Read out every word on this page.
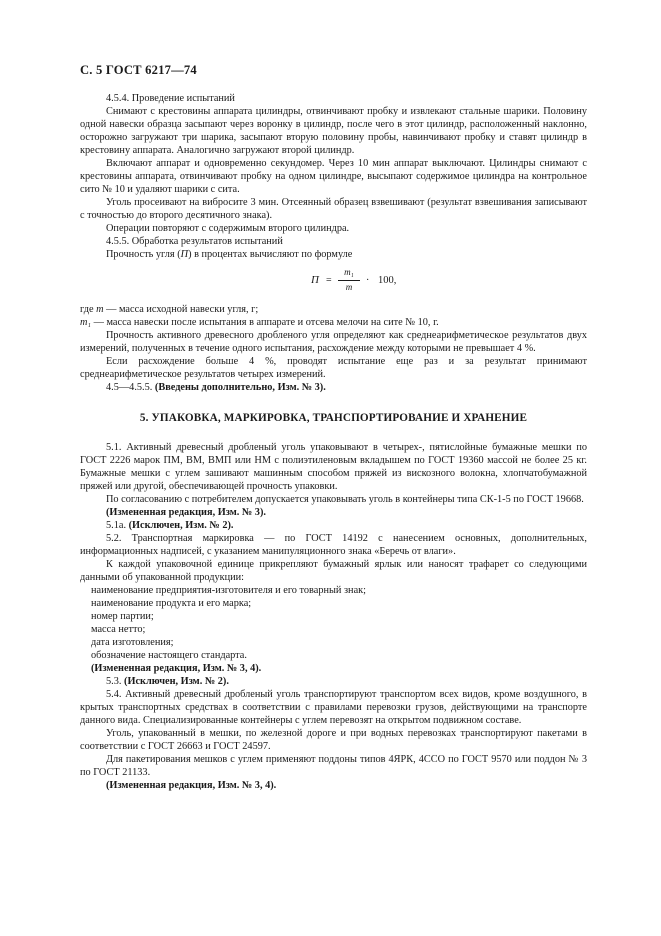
С. 5 ГОСТ 6217—74

4.5.4. Проведение испытаний

Снимают с крестовины аппарата цилиндры, отвинчивают пробку и извлекают стальные шарики. Половину одной навески образца засыпают через воронку в цилиндр, после чего в этот цилиндр, расположенный наклонно, осторожно загружают три шарика, засыпают вторую половину пробы, навинчивают пробку и ставят цилиндр в крестовину аппарата. Аналогично загружают второй цилиндр.

Включают аппарат и одновременно секундомер. Через 10 мин аппарат выключают. Цилиндры снимают с крестовины аппарата, отвинчивают пробку на одном цилиндре, высыпают содержимое цилиндра на контрольное сито № 10 и удаляют шарики с сита.

Уголь просеивают на вибросите 3 мин. Отсеянный образец взвешивают (результат взвешивания записывают с точностью до второго десятичного знака).

Операции повторяют с содержимым второго цилиндра.

4.5.5. Обработка результатов испытаний

Прочность угля (П) в процентах вычисляют по формуле

$П = \frac{\text{m₁}}{m} \cdot 100$,

где m — масса исходной навески угля, г;

m₁ — масса навески после испытания в аппарате и отсева мелочи на сите № 10, г.

Прочность активного древесного дробленого угля определяют как среднеарифметическое результатов двух измерений, полученных в течение одного испытания, расхождение между которыми не превышает 4 %.

Если расхождение больше 4 %, проводят испытание еще раз и за результат принимают среднеарифметическое результатов четырех измерений.

4.5—4.5.5. (Введены дополнительно, Изм. № 3).

5. УПАКОВКА, МАРКИРОВКА, ТРАНСПОРТИРОВАНИЕ И ХРАНЕНИЕ

5.1. Активный древесный дробленый уголь упаковывают в четырех-, пятислойные бумажные мешки по ГОСТ 2226 марок ПМ, ВМ, ВМП или НМ с полиэтиленовым вкладышем по ГОСТ 19360 массой не более 25 кг. Бумажные мешки с углем зашивают машинным способом пряжей из вискозного волокна, хлопчатобумажной пряжей или другой, обеспечивающей прочность упаковки.

По согласованию с потребителем допускается упаковывать уголь в контейнеры типа СК-1-5 по ГОСТ 19668.

(Измененная редакция, Изм. № 3).

5.1а. (Исключен, Изм. № 2).

5.2. Транспортная маркировка — по ГОСТ 14192 с нанесением основных, дополнительных, информационных надписей, с указанием манипуляционного знака «Беречь от влаги».

К каждой упаковочной единице прикрепляют бумажный ярлык или наносят трафарет со следующими данными об упакованной продукции:

наименование предприятия-изготовителя и его товарный знак;

наименование продукта и его марка;

номер партии;

масса нетто;

дата изготовления;

обозначение настоящего стандарта.

(Измененная редакция, Изм. № 3, 4).

5.3. (Исключен, Изм. № 2).

5.4. Активный древесный дробленый уголь транспортируют транспортом всех видов, кроме воздушного, в крытых транспортных средствах в соответствии с правилами перевозки грузов, действующими на транспорте данного вида. Специализированные контейнеры с углем перевозят на открытом подвижном составе.

Уголь, упакованный в мешки, по железной дороге и при водных перевозках транспортируют пакетами в соответствии с ГОСТ 26663 и ГОСТ 24597.

Для пакетирования мешков с углем применяют поддоны типов 4ЯРК, 4ССО по ГОСТ 9570 или поддон № 3 по ГОСТ 21133.

(Измененная редакция, Изм. № 3, 4).
